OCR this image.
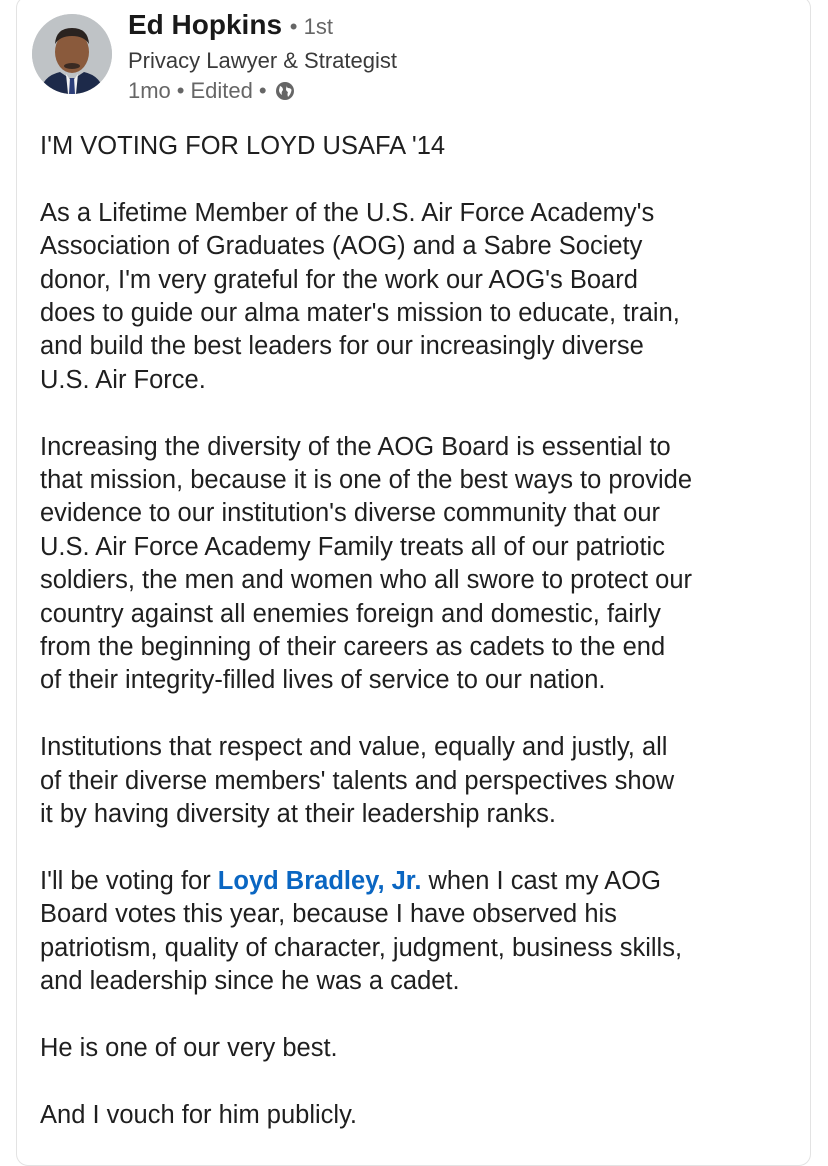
Ed Hopkins • 1st
Privacy Lawyer & Strategist
1mo • Edited •

I'M VOTING FOR LOYD USAFA '14

As a Lifetime Member of the U.S. Air Force Academy's
Association of Graduates (AOG) and a Sabre Society
donor, I'm very grateful for the work our AOG's Board
does to guide our alma mater's mission to educate, train,
and build the best leaders for our increasingly diverse
U.S. Air Force.

Increasing the diversity of the AOG Board is essential to
that mission, because it is one of the best ways to provide
evidence to our institution's diverse community that our
U.S. Air Force Academy Family treats all of our patriotic
soldiers, the men and women who all swore to protect our
country against all enemies foreign and domestic, fairly
from the beginning of their careers as cadets to the end
of their integrity-filled lives of service to our nation.

Institutions that respect and value, equally and justly, all
of their diverse members' talents and perspectives show
it by having diversity at their leadership ranks.

I'll be voting for Loyd Bradley, Jr. when I cast my AOG
Board votes this year, because I have observed his
patriotism, quality of character, judgment, business skills,
and leadership since he was a cadet.

He is one of our very best.

And I vouch for him publicly.
